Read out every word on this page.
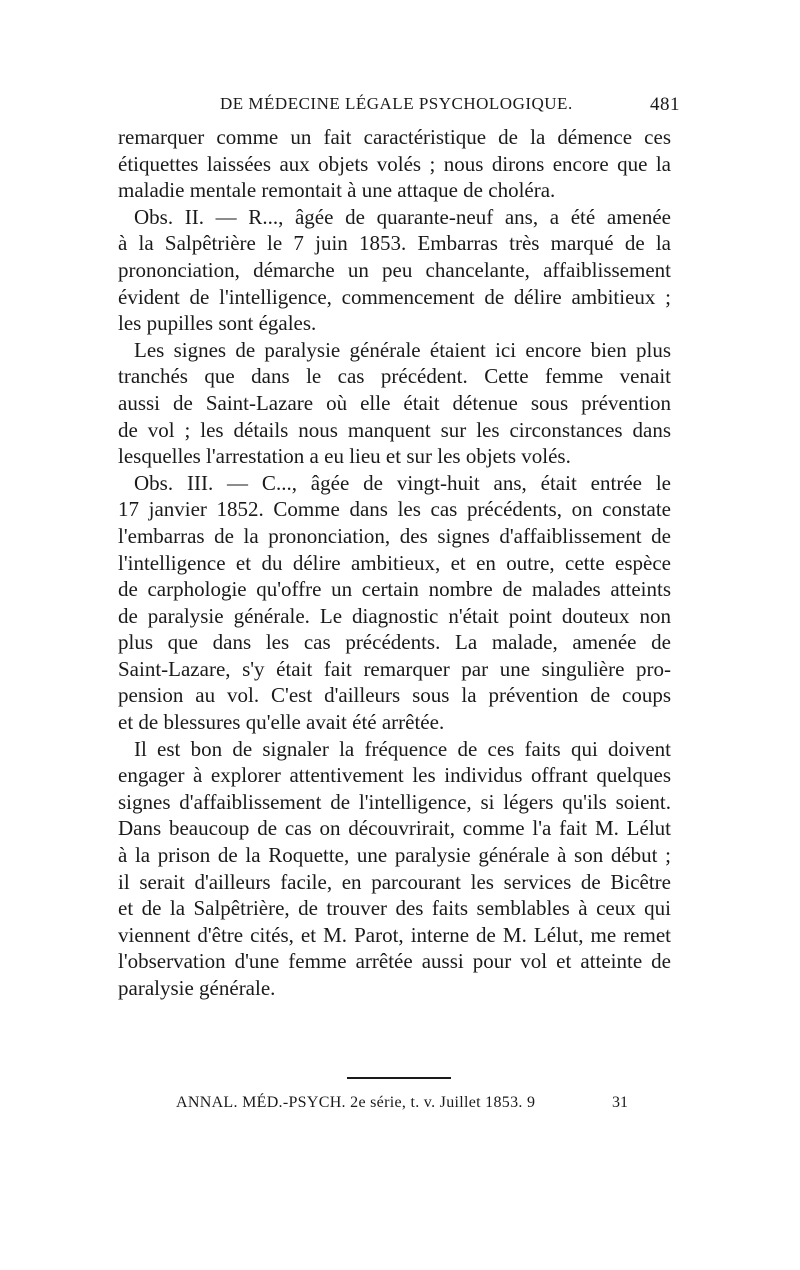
DE MÉDECINE LÉGALE PSYCHOLOGIQUE.	481
remarquer comme un fait caractéristique de la démence ces
étiquettes laissées aux objets volés ; nous dirons encore que la
maladie mentale remontait à une attaque de choléra.
Obs. II. — R..., âgée de quarante-neuf ans, a été amenée
à la Salpêtrière le 7 juin 1853. Embarras très marqué de la
prononciation, démarche un peu chancelante, affaiblissement
évident de l'intelligence, commencement de délire ambitieux ;
les pupilles sont égales.
Les signes de paralysie générale étaient ici encore bien plus
tranchés que dans le cas précédent. Cette femme venait
aussi de Saint-Lazare où elle était détenue sous prévention
de vol ; les détails nous manquent sur les circonstances dans
lesquelles l'arrestation a eu lieu et sur les objets volés.
Obs. III. — C..., âgée de vingt-huit ans, était entrée le
17 janvier 1852. Comme dans les cas précédents, on constate
l'embarras de la prononciation, des signes d'affaiblissement de
l'intelligence et du délire ambitieux, et en outre, cette espèce
de carphologie qu'offre un certain nombre de malades atteints
de paralysie générale. Le diagnostic n'était point douteux non
plus que dans les cas précédents. La malade, amenée de
Saint-Lazare, s'y était fait remarquer par une singulière pro-
pension au vol. C'est d'ailleurs sous la prévention de coups
et de blessures qu'elle avait été arrêtée.
Il est bon de signaler la fréquence de ces faits qui doivent
engager à explorer attentivement les individus offrant quelques
signes d'affaiblissement de l'intelligence, si légers qu'ils soient.
Dans beaucoup de cas on découvrirait, comme l'a fait M. Lélut
à la prison de la Roquette, une paralysie générale à son début ;
il serait d'ailleurs facile, en parcourant les services de Bicêtre
et de la Salpêtrière, de trouver des faits semblables à ceux qui
viennent d'être cités, et M. Parot, interne de M. Lélut, me remet
l'observation d'une femme arrêtée aussi pour vol et atteinte de
paralysie générale.
ANNAL. MÉD.-PSYCH. 2e série, t. v. Juillet 1853. 9	31
